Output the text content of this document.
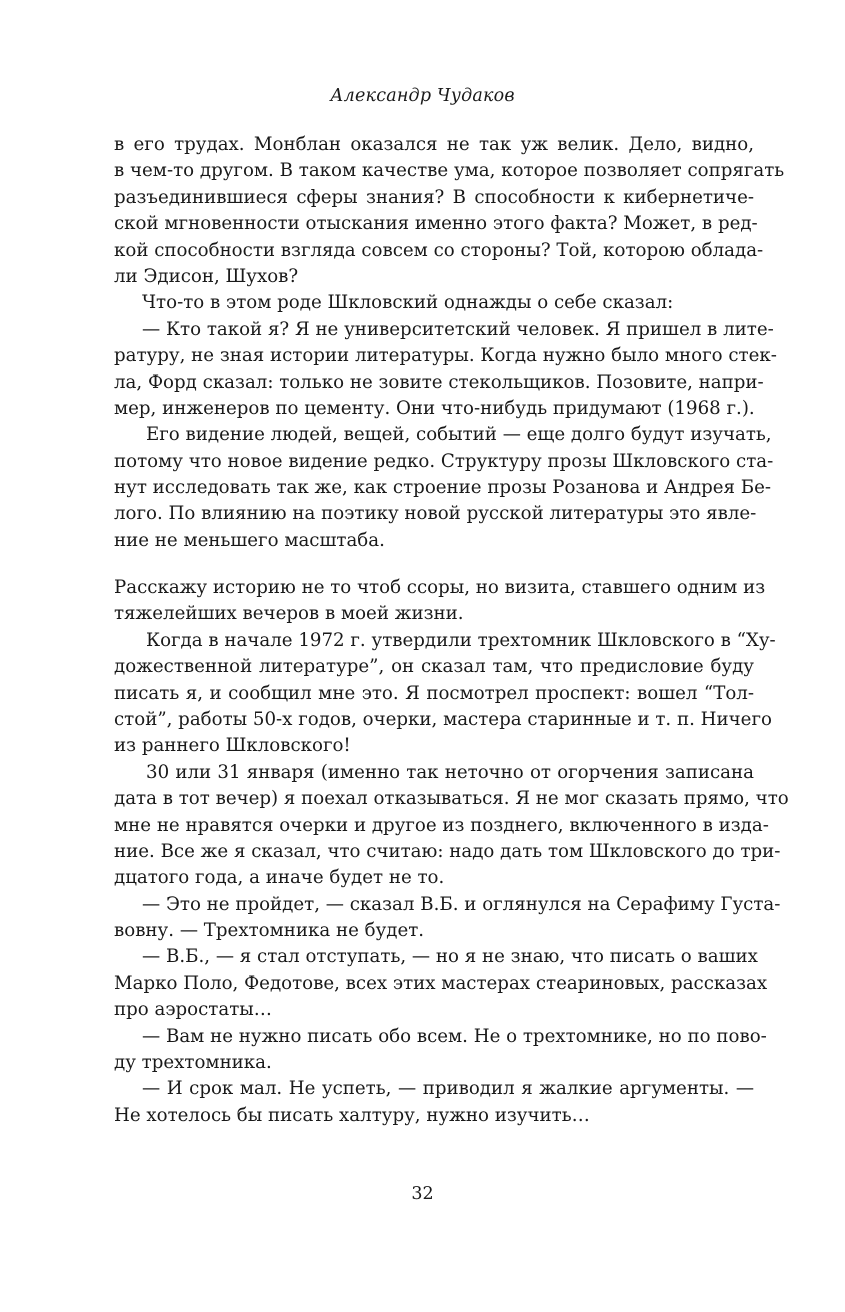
Александр Чудаков
в его трудах. Монблан оказался не так уж велик. Дело, видно,
в чем-то другом. В таком качестве ума, которое позволяет сопрягать
разъединившиеся сферы знания? В способности к кибернетиче-
ской мгновенности отыскания именно этого факта? Может, в ред-
кой способности взгляда совсем со стороны? Той, которою облада-
ли Эдисон, Шухов?
Что-то в этом роде Шкловский однажды о себе сказал:
— Кто такой я? Я не университетский человек. Я пришел в лите-
ратуру, не зная истории литературы. Когда нужно было много стек-
ла, Форд сказал: только не зовите стекольщиков. Позовите, напри-
мер, инженеров по цементу. Они что-нибудь придумают (1968 г.).
Его видение людей, вещей, событий — еще долго будут изучать,
потому что новое видение редко. Структуру прозы Шкловского ста-
нут исследовать так же, как строение прозы Розанова и Андрея Бе-
лого. По влиянию на поэтику новой русской литературы это явле-
ние не меньшего масштаба.
Расскажу историю не то чтоб ссоры, но визита, ставшего одним из
тяжелейших вечеров в моей жизни.
Когда в начале 1972 г. утвердили трехтомник Шкловского в “Ху-
дожественной литературе”, он сказал там, что предисловие буду
писать я, и сообщил мне это. Я посмотрел проспект: вошел “Тол-
стой”, работы 50-х годов, очерки, мастера старинные и т. п. Ничего
из раннего Шкловского!
30 или 31 января (именно так неточно от огорчения записана
дата в тот вечер) я поехал отказываться. Я не мог сказать прямо, что
мне не нравятся очерки и другое из позднего, включенного в изда-
ние. Все же я сказал, что считаю: надо дать том Шкловского до три-
дцатого года, а иначе будет не то.
— Это не пройдет, — сказал В.Б. и оглянулся на Серафиму Густа-
вовну. — Трехтомника не будет.
— В.Б., — я стал отступать, — но я не знаю, что писать о ваших
Марко Поло, Федотове, всех этих мастерах стеариновых, рассказах
про аэростаты…
— Вам не нужно писать обо всем. Не о трехтомнике, но по пово-
ду трехтомника.
— И срок мал. Не успеть, — приводил я жалкие аргументы. —
Не хотелось бы писать халтуру, нужно изучить…
32
